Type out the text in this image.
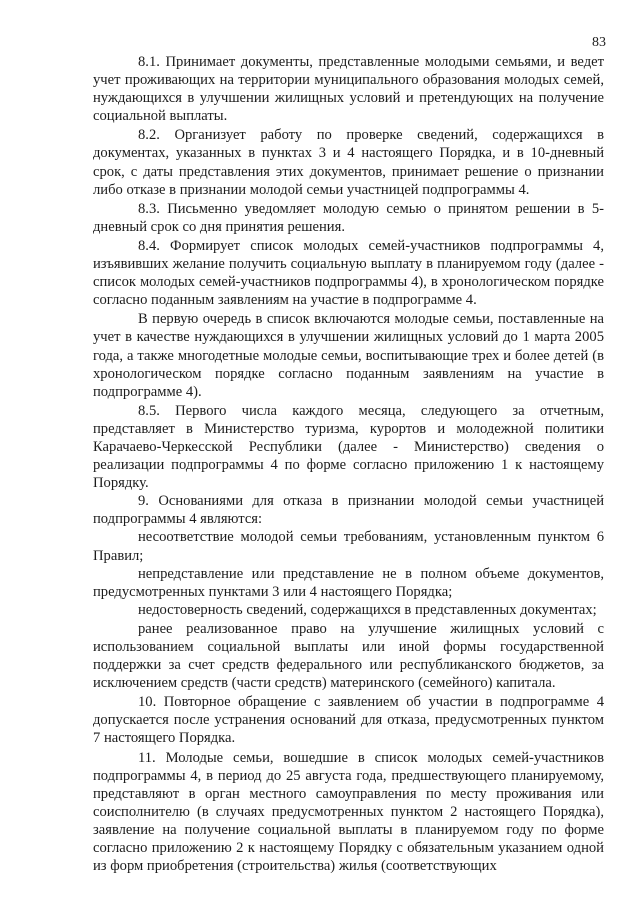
83

8.1. Принимает документы, представленные молодыми семьями, и ведет учет проживающих на территории муниципального образования молодых семей, нуждающихся в улучшении жилищных условий и претендующих на получение социальной выплаты.

8.2. Организует работу по проверке сведений, содержащихся в документах, указанных в пунктах 3 и 4 настоящего Порядка, и в 10-дневный срок, с даты представления этих документов, принимает решение о признании либо отказе в признании молодой семьи участницей подпрограммы 4.

8.3. Письменно уведомляет молодую семью о принятом решении в 5-дневный срок со дня принятия решения.

8.4. Формирует список молодых семей-участников подпрограммы 4, изъявивших желание получить социальную выплату в планируемом году (далее - список молодых семей-участников подпрограммы 4), в хронологическом порядке согласно поданным заявлениям на участие в подпрограмме 4.

В первую очередь в список включаются молодые семьи, поставленные на учет в качестве нуждающихся в улучшении жилищных условий до 1 марта 2005 года, а также многодетные молодые семьи, воспитывающие трех и более детей (в хронологическом порядке согласно поданным заявлениям на участие в подпрограмме 4).

8.5. Первого числа каждого месяца, следующего за отчетным, представляет в Министерство туризма, курортов и молодежной политики Карачаево-Черкесской Республики (далее - Министерство) сведения о реализации подпрограммы 4 по форме согласно приложению 1 к настоящему Порядку.

9. Основаниями для отказа в признании молодой семьи участницей подпрограммы 4 являются:

несоответствие молодой семьи требованиям, установленным пунктом 6 Правил;

непредставление или представление не в полном объеме документов, предусмотренных пунктами 3 или 4 настоящего Порядка;

недостоверность сведений, содержащихся в представленных документах;

ранее реализованное право на улучшение жилищных условий с использованием социальной выплаты или иной формы государственной поддержки за счет средств федерального или республиканского бюджетов, за исключением средств (части средств) материнского (семейного) капитала.

10. Повторное обращение с заявлением об участии в подпрограмме 4 допускается после устранения оснований для отказа, предусмотренных пунктом 7 настоящего Порядка.

11. Молодые семьи, вошедшие в список молодых семей-участников подпрограммы 4, в период до 25 августа года, предшествующего планируемому, представляют в орган местного самоуправления по месту проживания или соисполнителю (в случаях предусмотренных пунктом 2 настоящего Порядка), заявление на получение социальной выплаты в планируемом году по форме согласно приложению 2 к настоящему Порядку с обязательным указанием одной из форм приобретения (строительства) жилья (соответствующих
